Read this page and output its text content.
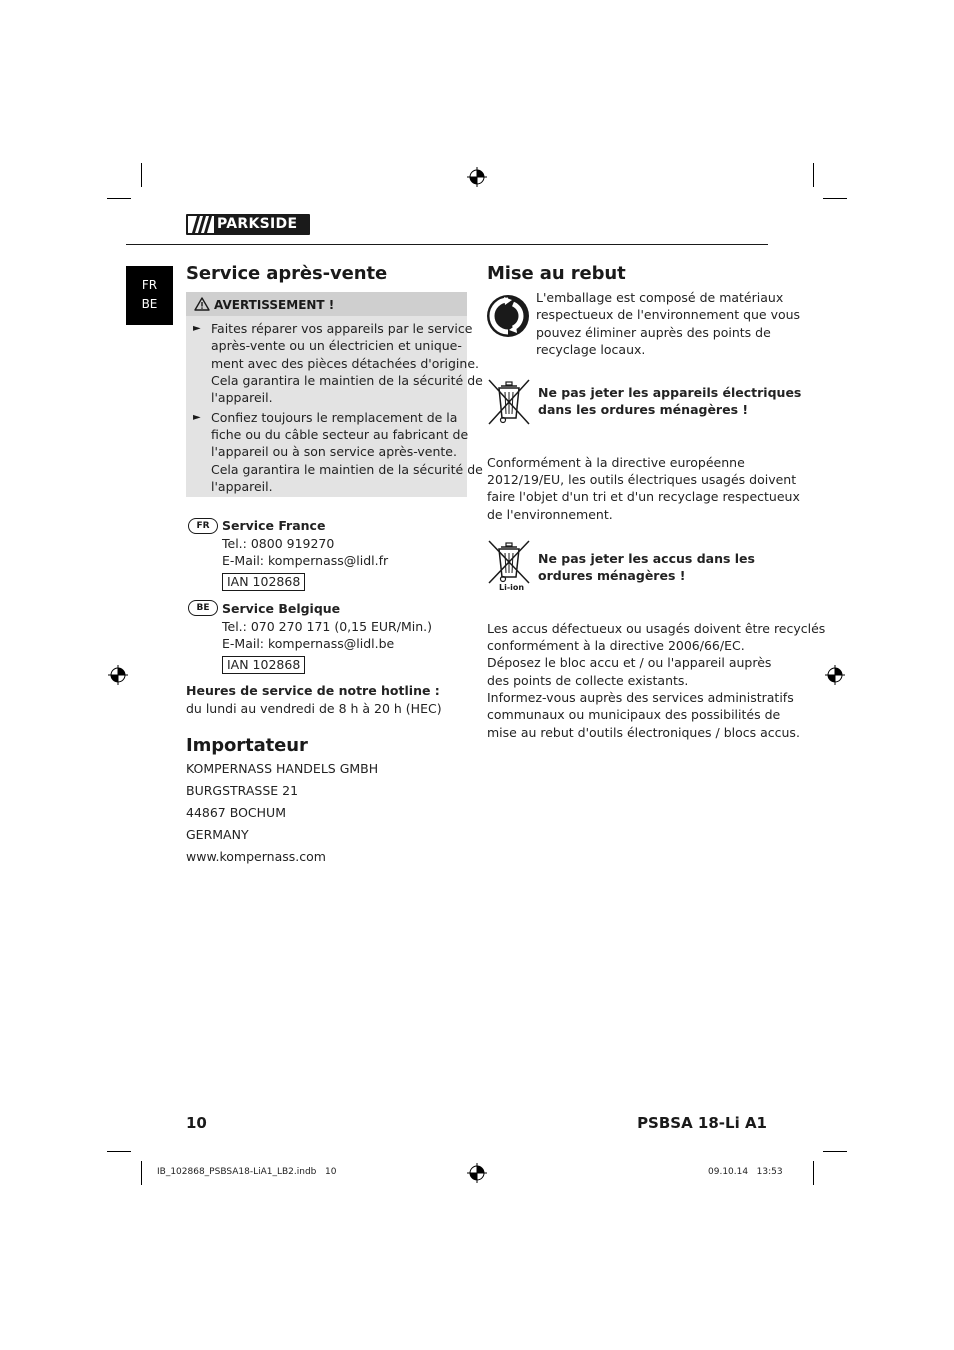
PARKSIDE
FR
BE
Service après-vente
AVERTISSEMENT !
► Faites réparer vos appareils par le service
après-vente ou un électricien et unique-
ment avec des pièces détachées d'origine.
Cela garantira le maintien de la sécurité de
l'appareil.
► Confiez toujours le remplacement de la
fiche ou du câble secteur au fabricant de
l'appareil ou à son service après-vente.
Cela garantira le maintien de la sécurité de
l'appareil.
FR Service France
Tel.: 0800 919270
E-Mail: kompernass@lidl.fr
IAN 102868
BE	Service Belgique
Tel.: 070 270 171 (0,15 EUR/Min.)
E-Mail: kompernass@lidl.be
IAN 102868
Heures de service de notre hotline :
du lundi au vendredi de 8 h à 20 h (HEC)
Importateur
KOMPERNASS HANDELS GMBH
BURGSTRASSE 21
44867 BOCHUM
GERMANY
www.kompernass.com
Mise au rebut
L'emballage est composé de matériaux
respectueux de l'environnement que vous
pouvez éliminer auprès des points de
recyclage locaux.
Ne pas jeter les appareils électriques
dans les ordures ménagères !
Conformément à la directive européenne
2012/19/EU, les outils électriques usagés doivent
faire l'objet d'un tri et d'un recyclage respectueux
de l'environnement.
Li-ion
Ne pas jeter les accus dans les
ordures ménagères !
Les accus défectueux ou usagés doivent être recyclés
conformément à la directive 2006/66/EC.
Déposez le bloc accu et / ou l'appareil auprès
des points de collecte existants.
Informez-vous auprès des services administratifs
communaux ou municipaux des possibilités de
mise au rebut d'outils électroniques / blocs accus.
10	PSBSA 18-Li A1
IB_102868_PSBSA18-LiA1_LB2.indb   10	09.10.14   13:53
